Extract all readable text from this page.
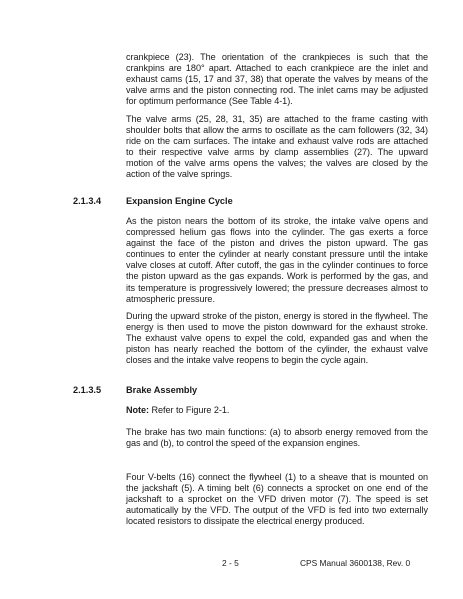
crankpiece (23). The orientation of the crankpieces is such that the crankpins are 180° apart. Attached to each crankpiece are the inlet and exhaust cams (15, 17 and 37, 38) that operate the valves by means of the valve arms and the piston connecting rod. The inlet cams may be adjusted for optimum performance (See Table 4-1).

The valve arms (25, 28, 31, 35) are attached to the frame casting with shoulder bolts that allow the arms to oscillate as the cam followers (32, 34) ride on the cam surfaces. The intake and exhaust valve rods are attached to their respective valve arms by clamp assemblies (27). The upward motion of the valve arms opens the valves; the valves are closed by the action of the valve springs.

2.1.3.4	Expansion Engine Cycle

As the piston nears the bottom of its stroke, the intake valve opens and compressed helium gas flows into the cylinder. The gas exerts a force against the face of the piston and drives the piston upward. The gas continues to enter the cylinder at nearly constant pressure until the intake valve closes at cutoff. After cutoff, the gas in the cylinder continues to force the piston upward as the gas expands. Work is performed by the gas, and its temperature is progressively lowered; the pressure decreases almost to atmospheric pressure.

During the upward stroke of the piston, energy is stored in the flywheel. The energy is then used to move the piston downward for the exhaust stroke. The exhaust valve opens to expel the cold, expanded gas and when the piston has nearly reached the bottom of the cylinder, the exhaust valve closes and the intake valve reopens to begin the cycle again.

2.1.3.5	Brake Assembly

Note: Refer to Figure 2-1.

The brake has two main functions: (a) to absorb energy removed from the gas and (b), to control the speed of the expansion engines.

Four V-belts (16) connect the flywheel (1) to a sheave that is mounted on the jackshaft (5). A timing belt (6) connects a sprocket on one end of the jackshaft to a sprocket on the VFD driven motor (7). The speed is set automatically by the VFD. The output of the VFD is fed into two externally located resistors to dissipate the electrical energy produced.

2 - 5	CPS Manual 3600138, Rev. 0
